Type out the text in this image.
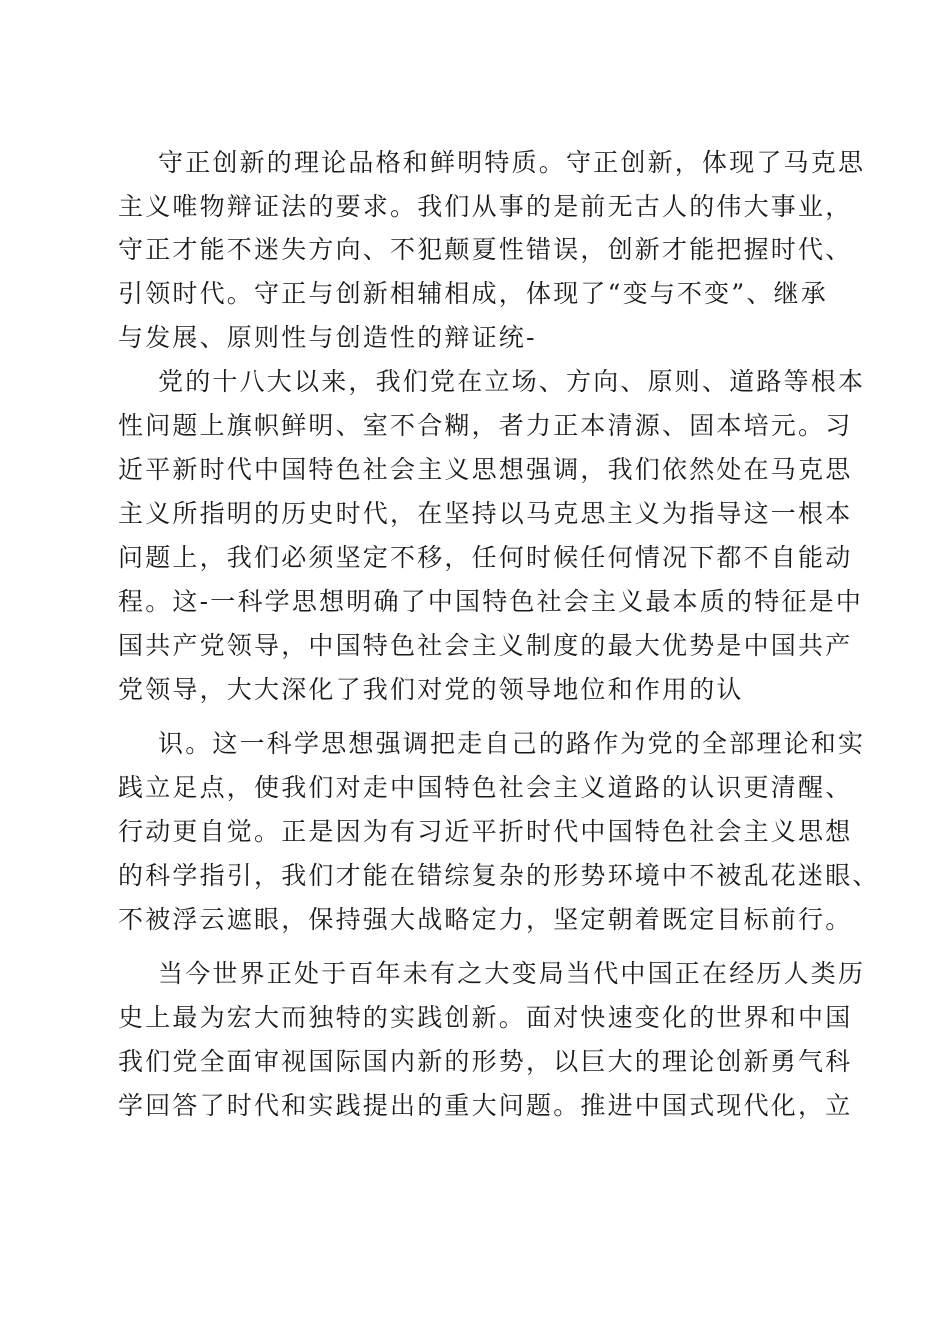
守正创新的理论品格和鲜明特质。守正创新，体现了马克思
主义唯物辩证法的要求。我们从事的是前无古人的伟大事业，
守正才能不迷失方向、不犯颠夏性错误，创新才能把握时代、
引领时代。守正与创新相辅相成，体现了“变与不变”、继承
与发展、原则性与创造性的辩证统-
党的十八大以来，我们党在立场、方向、原则、道路等根本
性问题上旗帜鲜明、室不合糊，者力正本清源、固本培元。习
近平新时代中国特色社会主义思想强调，我们依然处在马克思
主义所指明的历史时代，在坚持以马克思主义为指导这一根本
问题上，我们必须坚定不移，任何时候任何情况下都不自能动
程。这-一科学思想明确了中国特色社会主义最本质的特征是中
国共产党领导，中国特色社会主义制度的最大优势是中国共产
党领导，大大深化了我们对党的领导地位和作用的认
识。这一科学思想强调把走自己的路作为党的全部理论和实
践立足点，使我们对走中国特色社会主义道路的认识更清醒、
行动更自觉。正是因为有习近平折时代中国特色社会主义思想
的科学指引，我们才能在错综复杂的形势环境中不被乱花迷眼、
不被浮云遮眼，保持强大战略定力，坚定朝着既定目标前行。
当今世界正处于百年未有之大变局当代中国正在经历人类历
史上最为宏大而独特的实践创新。面对快速变化的世界和中国
我们党全面审视国际国内新的形势，以巨大的理论创新勇气科
学回答了时代和实践提出的重大问题。推进中国式现代化，立
